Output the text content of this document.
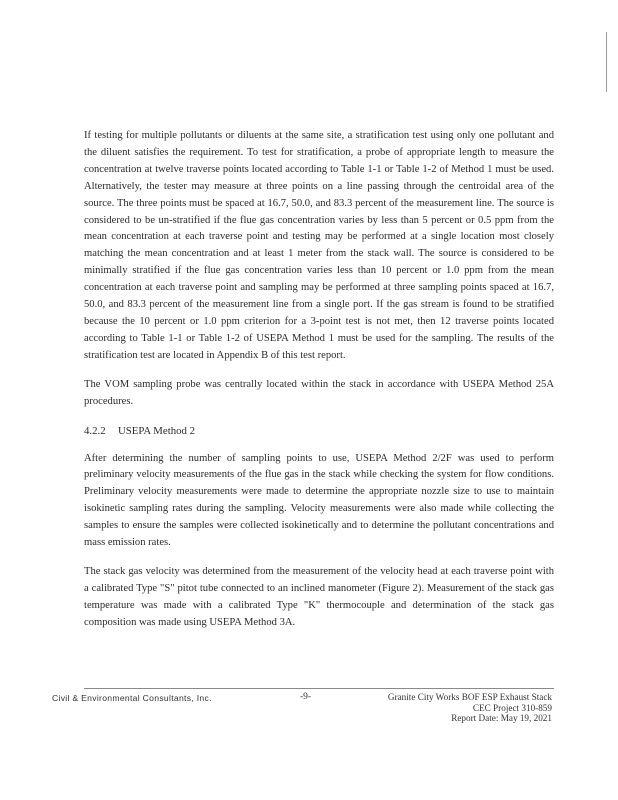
If testing for multiple pollutants or diluents at the same site, a stratification test using only one pollutant and the diluent satisfies the requirement. To test for stratification, a probe of appropriate length to measure the concentration at twelve traverse points located according to Table 1-1 or Table 1-2 of Method 1 must be used. Alternatively, the tester may measure at three points on a line passing through the centroidal area of the source. The three points must be spaced at 16.7, 50.0, and 83.3 percent of the measurement line. The source is considered to be un-stratified if the flue gas concentration varies by less than 5 percent or 0.5 ppm from the mean concentration at each traverse point and testing may be performed at a single location most closely matching the mean concentration and at least 1 meter from the stack wall. The source is considered to be minimally stratified if the flue gas concentration varies less than 10 percent or 1.0 ppm from the mean concentration at each traverse point and sampling may be performed at three sampling points spaced at 16.7, 50.0, and 83.3 percent of the measurement line from a single port. If the gas stream is found to be stratified because the 10 percent or 1.0 ppm criterion for a 3-point test is not met, then 12 traverse points located according to Table 1-1 or Table 1-2 of USEPA Method 1 must be used for the sampling. The results of the stratification test are located in Appendix B of this test report.

The VOM sampling probe was centrally located within the stack in accordance with USEPA Method 25A procedures.

4.2.2 USEPA Method 2

After determining the number of sampling points to use, USEPA Method 2/2F was used to perform preliminary velocity measurements of the flue gas in the stack while checking the system for flow conditions. Preliminary velocity measurements were made to determine the appropriate nozzle size to use to maintain isokinetic sampling rates during the sampling. Velocity measurements were also made while collecting the samples to ensure the samples were collected isokinetically and to determine the pollutant concentrations and mass emission rates.

The stack gas velocity was determined from the measurement of the velocity head at each traverse point with a calibrated Type "S" pitot tube connected to an inclined manometer (Figure 2). Measurement of the stack gas temperature was made with a calibrated Type "K" thermocouple and determination of the stack gas composition was made using USEPA Method 3A.

Civil & Environmental Consultants, Inc.	-9-	Granite City Works BOF ESP Exhaust Stack
CEC Project 310-859
Report Date: May 19, 2021
